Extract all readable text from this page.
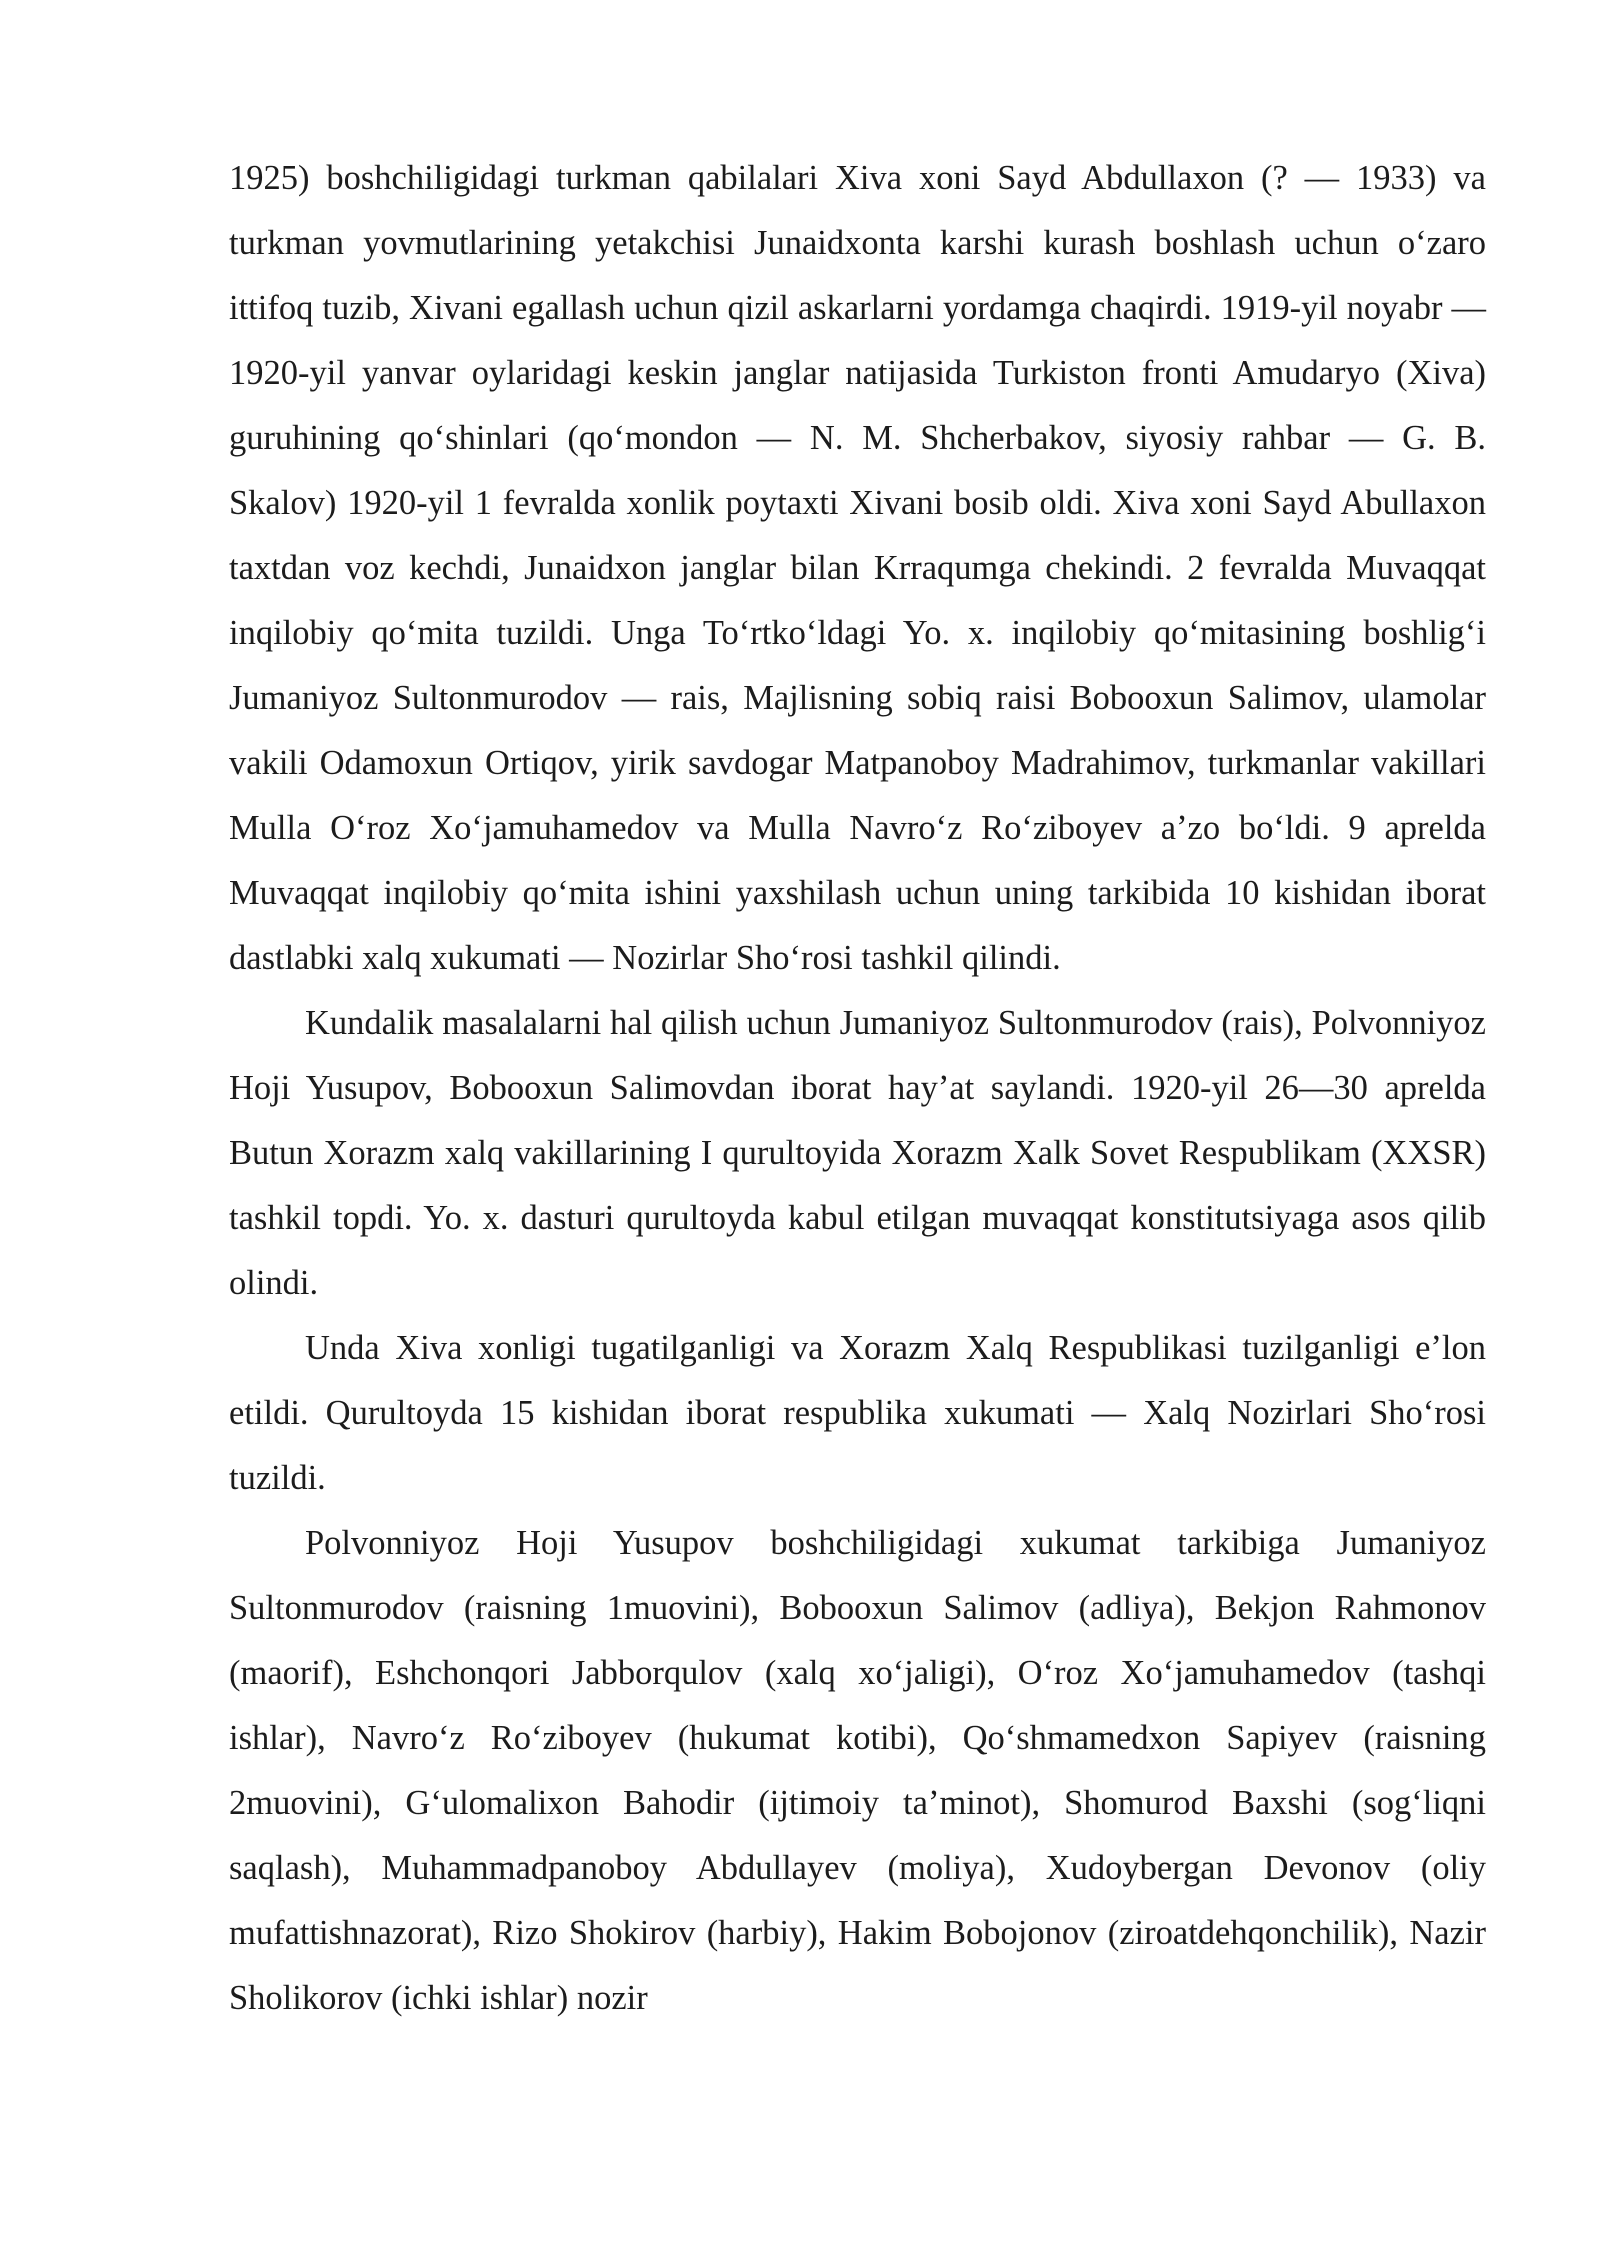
1925) boshchiligidagi turkman qabilalari Xiva xoni Sayd Abdullaxon (? — 1933) va turkman yovmutlarining yetakchisi Junaidxonta karshi kurash boshlash uchun oʻzaro ittifoq tuzib, Xivani egallash uchun qizil askarlarni yordamga chaqirdi. 1919-yil noyabr — 1920-yil yanvar oylaridagi keskin janglar natijasida Turkiston fronti Amudaryo (Xiva) guruhining qoʻshinlari (qoʻmondon — N. M. Shcherbakov, siyosiy rahbar — G. B. Skalov) 1920-yil 1 fevralda xonlik poytaxti Xivani bosib oldi. Xiva xoni Sayd Abullaxon taxtdan voz kechdi, Junaidxon janglar bilan Krraqumga chekindi. 2 fevralda Muvaqqat inqilobiy qoʻmita tuzildi. Unga Toʻrtkoʻldagi Yo. x. inqilobiy qoʻmitasining boshligʻi Jumaniyoz Sultonmurodov — rais, Majlisning sobiq raisi Bobooxun Salimov, ulamolar vakili Odamoxun Ortiqov, yirik savdogar Matpanoboy Madrahimov, turkmanlar vakillari Mulla Oʻroz Xoʻjamuhamedov va Mulla Navroʻz Roʻziboyev aʼzo boʻldi. 9 aprelda Muvaqqat inqilobiy qoʻmita ishini yaxshilash uchun uning tarkibida 10 kishidan iborat dastlabki xalq xukumati — Nozirlar Shoʻrosi tashkil qilindi.

Kundalik masalalarni hal qilish uchun Jumaniyoz Sultonmurodov (rais), Polvonniyoz Hoji Yusupov, Bobooxun Salimovdan iborat hayʼat saylandi. 1920-yil 26—30 aprelda Butun Xorazm xalq vakillarining I qurultoyida Xorazm Xalk Sovet Respublikam (XXSR) tashkil topdi. Yo. x. dasturi qurultoyda kabul etilgan muvaqqat konstitutsiyaga asos qilib olindi.

Unda Xiva xonligi tugatilganligi va Xorazm Xalq Respublikasi tuzilganligi eʼlon etildi. Qurultoyda 15 kishidan iborat respublika xukumati — Xalq Nozirlari Shoʻrosi tuzildi.

Polvonniyoz Hoji Yusupov boshchiligidagi xukumat tarkibiga Jumaniyoz Sultonmurodov (raisning 1muovini), Bobooxun Salimov (adliya), Bekjon Rahmonov (maorif), Eshchonqori Jabborqulov (xalq xoʻjaligi), Oʻroz Xoʻjamuhamedov (tashqi ishlar), Navroʻz Roʻziboyev (hukumat kotibi), Qoʻshmamedxon Sapiyev (raisning 2muovini), Gʻulomalixon Bahodir (ijtimoiy taʼminot), Shomurod Baxshi (sogʻliqni saqlash), Muhammadpanoboy Abdullayev (moliya), Xudoybergan Devonov (oliy mufattishnazorat), Rizo Shokirov (harbiy), Hakim Bobojonov (ziroatdehqonchilik), Nazir Sholikorov (ichki ishlar) nozir
